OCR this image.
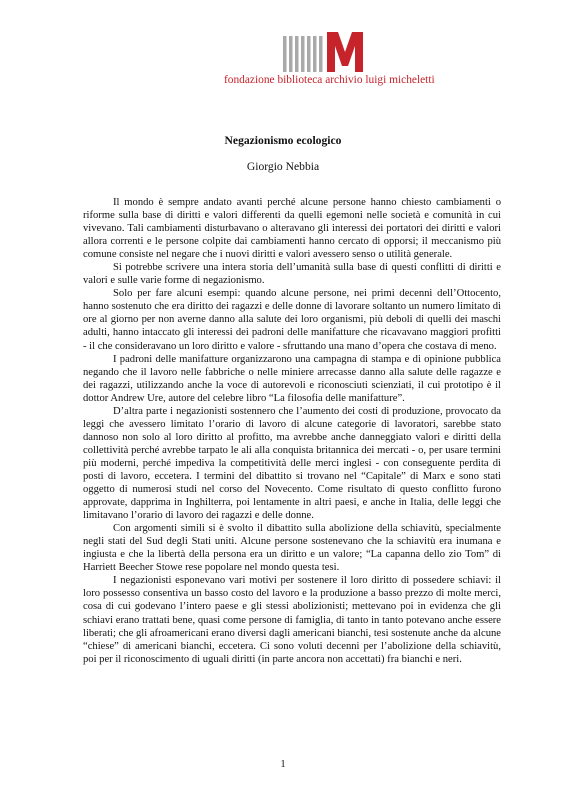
fondazione biblioteca archivio luigi micheletti
Negazionismo ecologico
Giorgio Nebbia

Il mondo è sempre andato avanti perché alcune persone hanno chiesto cambiamenti o riforme sulla base di diritti e valori differenti da quelli egemoni nelle società e comunità in cui vivevano. Tali cambiamenti disturbavano o alteravano gli interessi dei portatori dei diritti e valori allora correnti e le persone colpite dai cambiamenti hanno cercato di opporsi; il meccanismo più comune consiste nel negare che i nuovi diritti e valori avessero senso o utilità generale.

Si potrebbe scrivere una intera storia dell’umanità sulla base di questi conflitti di diritti e valori e sulle varie forme di negazionismo.

Solo per fare alcuni esempi: quando alcune persone, nei primi decenni dell’Ottocento, hanno sostenuto che era diritto dei ragazzi e delle donne di lavorare soltanto un numero limitato di ore al giorno per non averne danno alla salute dei loro organismi, più deboli di quelli dei maschi adulti, hanno intaccato gli interessi dei padroni delle manifatture che ricavavano maggiori profitti - il che consideravano un loro diritto e valore - sfruttando una mano d’opera che costava di meno.

I padroni delle manifatture organizzarono una campagna di stampa e di opinione pubblica negando che il lavoro nelle fabbriche o nelle miniere arrecasse danno alla salute delle ragazze e dei ragazzi, utilizzando anche la voce di autorevoli e riconosciuti scienziati, il cui prototipo è il dottor Andrew Ure, autore del celebre libro “La filosofia delle manifatture”.

D’altra parte i negazionisti sostennero che l’aumento dei costi di produzione, provocato da leggi che avessero limitato l’orario di lavoro di alcune categorie di lavoratori, sarebbe stato dannoso non solo al loro diritto al profitto, ma avrebbe anche danneggiato valori e diritti della collettività perché avrebbe tarpato le ali alla conquista britannica dei mercati - o, per usare termini più moderni, perché impediva la competitività delle merci inglesi - con conseguente perdita di posti di lavoro, eccetera. I termini del dibattito si trovano nel “Capitale” di Marx e sono stati oggetto di numerosi studi nel corso del Novecento. Come risultato di questo conflitto furono approvate, dapprima in Inghilterra, poi lentamente in altri paesi, e anche in Italia, delle leggi che limitavano l’orario di lavoro dei ragazzi e delle donne.

Con argomenti simili si è svolto il dibattito sulla abolizione della schiavitù, specialmente negli stati del Sud degli Stati uniti. Alcune persone sostenevano che la schiavitù era inumana e ingiusta e che la libertà della persona era un diritto e un valore; “La capanna dello zio Tom” di Harriett Beecher Stowe rese popolare nel mondo questa tesi.

I negazionisti esponevano vari motivi per sostenere il loro diritto di possedere schiavi: il loro possesso consentiva un basso costo del lavoro e la produzione a basso prezzo di molte merci, cosa di cui godevano l’intero paese e gli stessi abolizionisti; mettevano poi in evidenza che gli schiavi erano trattati bene, quasi come persone di famiglia, di tanto in tanto potevano anche essere liberati; che gli afroamericani erano diversi dagli americani bianchi, tesi sostenute anche da alcune “chiese” di americani bianchi, eccetera. Ci sono voluti decenni per l’abolizione della schiavitù, poi per il riconoscimento di uguali diritti (in parte ancora non accettati) fra bianchi e neri.

1
